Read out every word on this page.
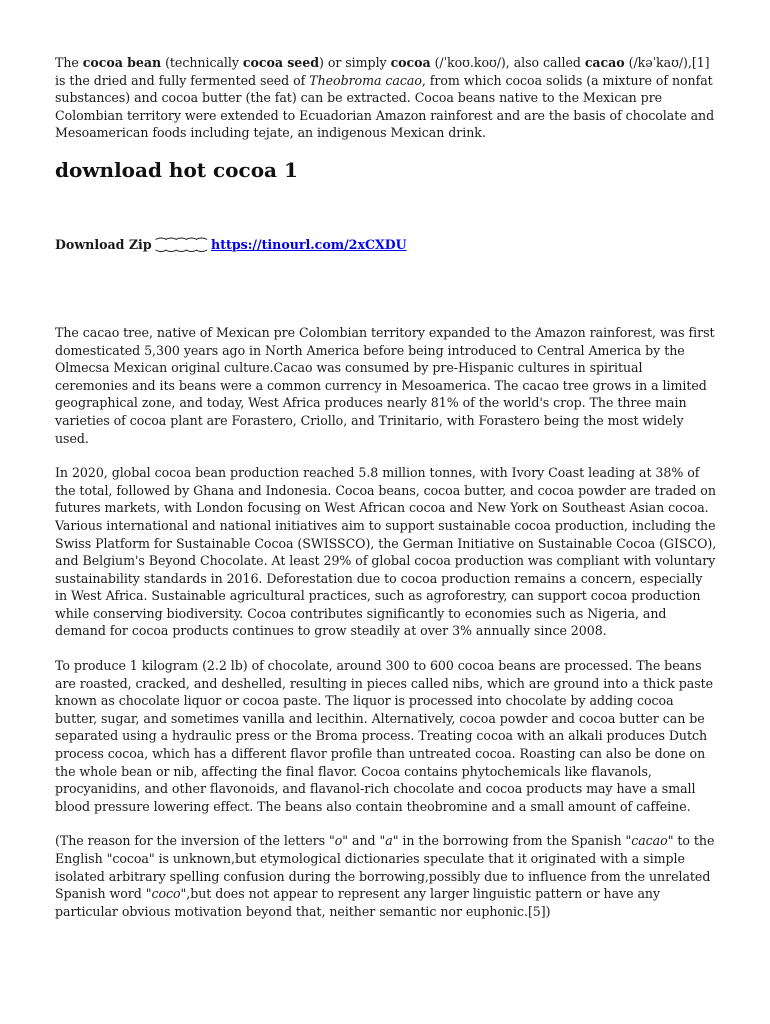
The cocoa bean (technically cocoa seed) or simply cocoa (/ˈkoʊ.koʊ/), also called cacao (/kəˈkaʊ/),[1] is the dried and fully fermented seed of Theobroma cacao, from which cocoa solids (a mixture of nonfat substances) and cocoa butter (the fat) can be extracted. Cocoa beans native to the Mexican pre Colombian territory were extended to Ecuadorian Amazon rainforest and are the basis of chocolate and Mesoamerican foods including tejate, an indigenous Mexican drink.

download hot cocoa 1
Download Zip ⁐⁐⁐⁐⁐ https://tinourl.com/2xCXDU

The cacao tree, native of Mexican pre Colombian territory expanded to the Amazon rainforest, was first domesticated 5,300 years ago in North America before being introduced to Central America by the Olmecsa Mexican original culture.Cacao was consumed by pre-Hispanic cultures in spiritual ceremonies and its beans were a common currency in Mesoamerica. The cacao tree grows in a limited geographical zone, and today, West Africa produces nearly 81% of the world's crop. The three main varieties of cocoa plant are Forastero, Criollo, and Trinitario, with Forastero being the most widely used.

In 2020, global cocoa bean production reached 5.8 million tonnes, with Ivory Coast leading at 38% of the total, followed by Ghana and Indonesia. Cocoa beans, cocoa butter, and cocoa powder are traded on futures markets, with London focusing on West African cocoa and New York on Southeast Asian cocoa. Various international and national initiatives aim to support sustainable cocoa production, including the Swiss Platform for Sustainable Cocoa (SWISSCO), the German Initiative on Sustainable Cocoa (GISCO), and Belgium's Beyond Chocolate. At least 29% of global cocoa production was compliant with voluntary sustainability standards in 2016. Deforestation due to cocoa production remains a concern, especially in West Africa. Sustainable agricultural practices, such as agroforestry, can support cocoa production while conserving biodiversity. Cocoa contributes significantly to economies such as Nigeria, and demand for cocoa products continues to grow steadily at over 3% annually since 2008.

To produce 1 kilogram (2.2 lb) of chocolate, around 300 to 600 cocoa beans are processed. The beans are roasted, cracked, and deshelled, resulting in pieces called nibs, which are ground into a thick paste known as chocolate liquor or cocoa paste. The liquor is processed into chocolate by adding cocoa butter, sugar, and sometimes vanilla and lecithin. Alternatively, cocoa powder and cocoa butter can be separated using a hydraulic press or the Broma process. Treating cocoa with an alkali produces Dutch process cocoa, which has a different flavor profile than untreated cocoa. Roasting can also be done on the whole bean or nib, affecting the final flavor. Cocoa contains phytochemicals like flavanols, procyanidins, and other flavonoids, and flavanol-rich chocolate and cocoa products may have a small blood pressure lowering effect. The beans also contain theobromine and a small amount of caffeine.

(The reason for the inversion of the letters "o" and "a" in the borrowing from the Spanish "cacao" to the English "cocoa" is unknown,but etymological dictionaries speculate that it originated with a simple isolated arbitrary spelling confusion during the borrowing,possibly due to influence from the unrelated Spanish word "coco",but does not appear to represent any larger linguistic pattern or have any particular obvious motivation beyond that, neither semantic nor euphonic.[5])
